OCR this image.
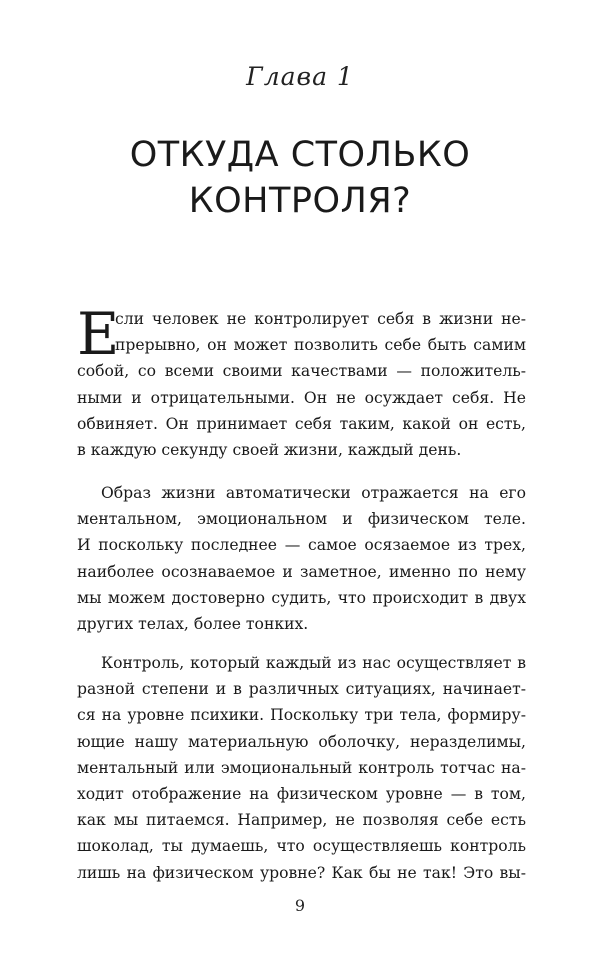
Глава 1
ОТКУДА СТОЛЬКО
КОНТРОЛЯ?
Е
сли человек не контролирует себя в жизни не-
прерывно, он может позволить себе быть самим
собой, со всеми своими качествами — положитель-
ными и отрицательными. Он не осуждает себя. Не
обвиняет. Он принимает себя таким, какой он есть,
в каждую секунду своей жизни, каждый день.
Образ жизни автоматически отражается на его
ментальном, эмоциональном и физическом теле.
И поскольку последнее — самое осязаемое из трех,
наиболее осознаваемое и заметное, именно по нему
мы можем достоверно судить, что происходит в двух
других телах, более тонких.
Контроль, который каждый из нас осуществляет в
разной степени и в различных ситуациях, начинает-
ся на уровне психики. Поскольку три тела, формиру-
ющие нашу материальную оболочку, неразделимы,
ментальный или эмоциональный контроль тотчас на-
ходит отображение на физическом уровне — в том,
как мы питаемся. Например, не позволяя себе есть
шоколад, ты думаешь, что осуществляешь контроль
лишь на физическом уровне? Как бы не так! Это вы-
9
